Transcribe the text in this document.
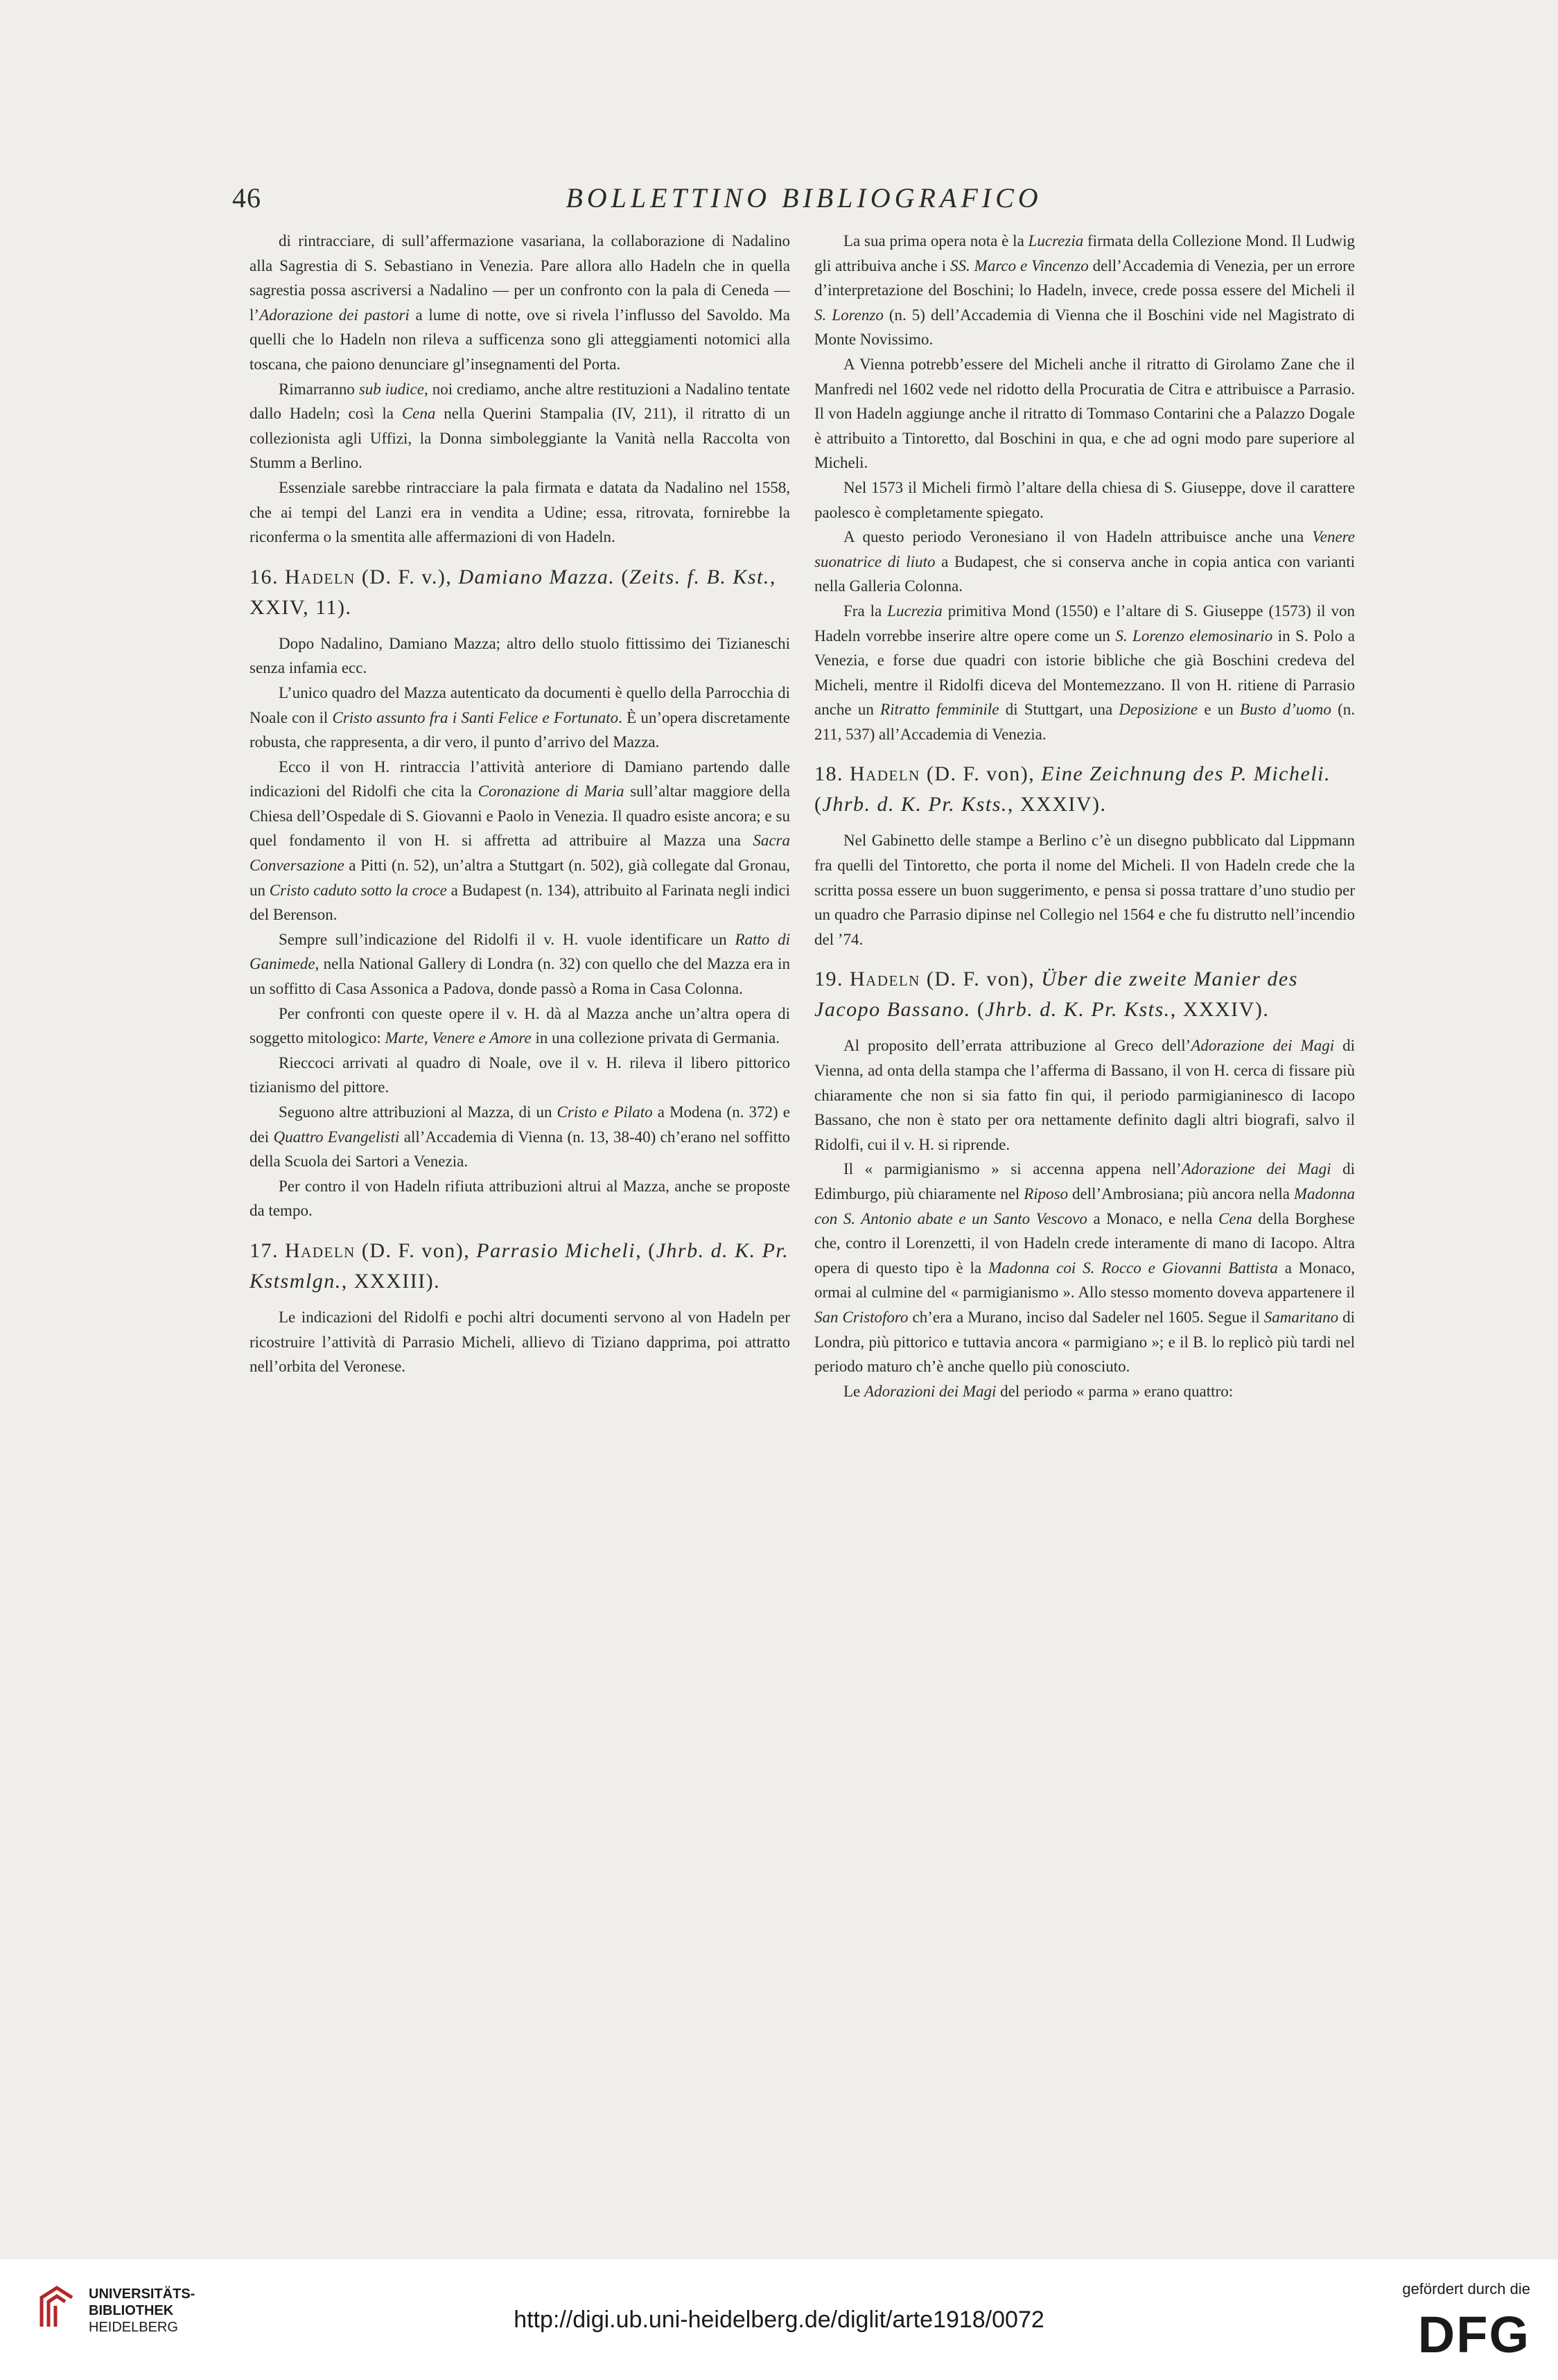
46	BOLLETTINO BIBLIOGRAFICO

di rintracciare, di sull’affermazione vasariana, la collaborazione di Nadalino alla Sagrestia di S. Sebastiano in Venezia. Pare allora allo Hadeln che in quella sagrestia possa ascriversi a Nadalino — per un confronto con la pala di Ceneda — l’Adorazione dei pastori a lume di notte, ove si rivela l’influsso del Savoldo. Ma quelli che lo Hadeln non rileva a sufficenza sono gli atteggiamenti notomici alla toscana, che paiono denunciare gl’insegnamenti del Porta.

Rimarranno sub iudice, noi crediamo, anche altre restituzioni a Nadalino tentate dallo Hadeln; così la Cena nella Querini Stampalia (IV, 211), il ritratto di un collezionista agli Uffizi, la Donna simboleggiante la Vanità nella Raccolta von Stumm a Berlino.

Essenziale sarebbe rintracciare la pala firmata e datata da Nadalino nel 1558, che ai tempi del Lanzi era in vendita a Udine; essa, ritrovata, fornirebbe la riconferma o la smentita alle affermazioni di von Hadeln.

16. Hadeln (D. F. v.), Damiano Mazza. (Zeits. f. B. Kst., XXIV, 11).

Dopo Nadalino, Damiano Mazza; altro dello stuolo fittissimo dei Tizianeschi senza infamia ecc.

L’unico quadro del Mazza autenticato da documenti è quello della Parrocchia di Noale con il Cristo assunto fra i Santi Felice e Fortunato. È un’opera discretamente robusta, che rappresenta, a dir vero, il punto d’arrivo del Mazza.

Ecco il von H. rintraccia l’attività anteriore di Damiano partendo dalle indicazioni del Ridolfi che cita la Coronazione di Maria sull’altar maggiore della Chiesa dell’Ospedale di S. Giovanni e Paolo in Venezia. Il quadro esiste ancora; e su quel fondamento il von H. si affretta ad attribuire al Mazza una Sacra Conversazione a Pitti (n. 52), un’altra a Stuttgart (n. 502), già collegate dal Gronau, un Cristo caduto sotto la croce a Budapest (n. 134), attribuito al Farinata negli indici del Berenson.

Sempre sull’indicazione del Ridolfi il v. H. vuole identificare un Ratto di Ganimede, nella National Gallery di Londra (n. 32) con quello che del Mazza era in un soffitto di Casa Assonica a Padova, donde passò a Roma in Casa Colonna.

Per confronti con queste opere il v. H. dà al Mazza anche un’altra opera di soggetto mitologico: Marte, Venere e Amore in una collezione privata di Germania.

Rieccoci arrivati al quadro di Noale, ove il v. H. rileva il libero pittorico tizianismo del pittore.

Seguono altre attribuzioni al Mazza, di un Cristo e Pilato a Modena (n. 372) e dei Quattro Evangelisti all’Accademia di Vienna (n. 13, 38-40) ch’erano nel soffitto della Scuola dei Sartori a Venezia.

Per contro il von Hadeln rifiuta attribuzioni altrui al Mazza, anche se proposte da tempo.

17. Hadeln (D. F. von), Parrasio Micheli, (Jhrb. d. K. Pr. Kstsmlgn., XXXIII).

Le indicazioni del Ridolfi e pochi altri documenti servono al von Hadeln per ricostruire l’attività di Parrasio Micheli, allievo di Tiziano dapprima, poi attratto nell’orbita del Veronese.

La sua prima opera nota è la Lucrezia firmata della Collezione Mond. Il Ludwig gli attribuiva anche i SS. Marco e Vincenzo dell’Accademia di Venezia, per un errore d’interpretazione del Boschini; lo Hadeln, invece, crede possa essere del Micheli il S. Lorenzo (n. 5) dell’Accademia di Vienna che il Boschini vide nel Magistrato di Monte Novissimo.

A Vienna potrebb’essere del Micheli anche il ritratto di Girolamo Zane che il Manfredi nel 1602 vede nel ridotto della Procuratia de Citra e attribuisce a Parrasio. Il von Hadeln aggiunge anche il ritratto di Tommaso Contarini che a Palazzo Dogale è attribuito a Tintoretto, dal Boschini in qua, e che ad ogni modo pare superiore al Micheli.

Nel 1573 il Micheli firmò l’altare della chiesa di S. Giuseppe, dove il carattere paolesco è completamente spiegato.

A questo periodo Veronesiano il von Hadeln attribuisce anche una Venere suonatrice di liuto a Budapest, che si conserva anche in copia antica con varianti nella Galleria Colonna.

Fra la Lucrezia primitiva Mond (1550) e l’altare di S. Giuseppe (1573) il von Hadeln vorrebbe inserire altre opere come un S. Lorenzo elemosinario in S. Polo a Venezia, e forse due quadri con istorie bibliche che già Boschini credeva del Micheli, mentre il Ridolfi diceva del Montemezzano. Il von H. ritiene di Parrasio anche un Ritratto femminile di Stuttgart, una Deposizione e un Busto d’uomo (n. 211, 537) all’Accademia di Venezia.

18. Hadeln (D. F. von), Eine Zeichnung des P. Micheli. (Jhrb. d. K. Pr. Ksts., XXXIV).

Nel Gabinetto delle stampe a Berlino c’è un disegno pubblicato dal Lippmann fra quelli del Tintoretto, che porta il nome del Micheli. Il von Hadeln crede che la scritta possa essere un buon suggerimento, e pensa si possa trattare d’uno studio per un quadro che Parrasio dipinse nel Collegio nel 1564 e che fu distrutto nell’incendio del ’74.

19. Hadeln (D. F. von), Über die zweite Manier des Jacopo Bassano. (Jhrb. d. K. Pr. Ksts., XXXIV).

Al proposito dell’errata attribuzione al Greco dell’Adorazione dei Magi di Vienna, ad onta della stampa che l’afferma di Bassano, il von H. cerca di fissare più chiaramente che non si sia fatto fin qui, il periodo parmigianinesco di Iacopo Bassano, che non è stato per ora nettamente definito dagli altri biografi, salvo il Ridolfi, cui il v. H. si riprende.

Il « parmigianismo » si accenna appena nell’Adorazione dei Magi di Edimburgo, più chiaramente nel Riposo dell’Ambrosiana; più ancora nella Madonna con S. Antonio abate e un Santo Vescovo a Monaco, e nella Cena della Borghese che, contro il Lorenzetti, il von Hadeln crede interamente di mano di Iacopo. Altra opera di questo tipo è la Madonna coi S. Rocco e Giovanni Battista a Monaco, ormai al culmine del « parmigianismo ». Allo stesso momento doveva appartenere il San Cristoforo ch’era a Murano, inciso dal Sadeler nel 1605. Segue il Samaritano di Londra, più pittorico e tuttavia ancora « parmigiano »; e il B. lo replicò più tardi nel periodo maturo ch’è anche quello più conosciuto.

Le Adorazioni dei Magi del periodo « parma » erano quattro:

UNIVERSITÄTS-
BIBLIOTHEK
HEIDELBERG	http://digi.ub.uni-heidelberg.de/diglit/arte1918/0072
gefördert durch die
DFG
